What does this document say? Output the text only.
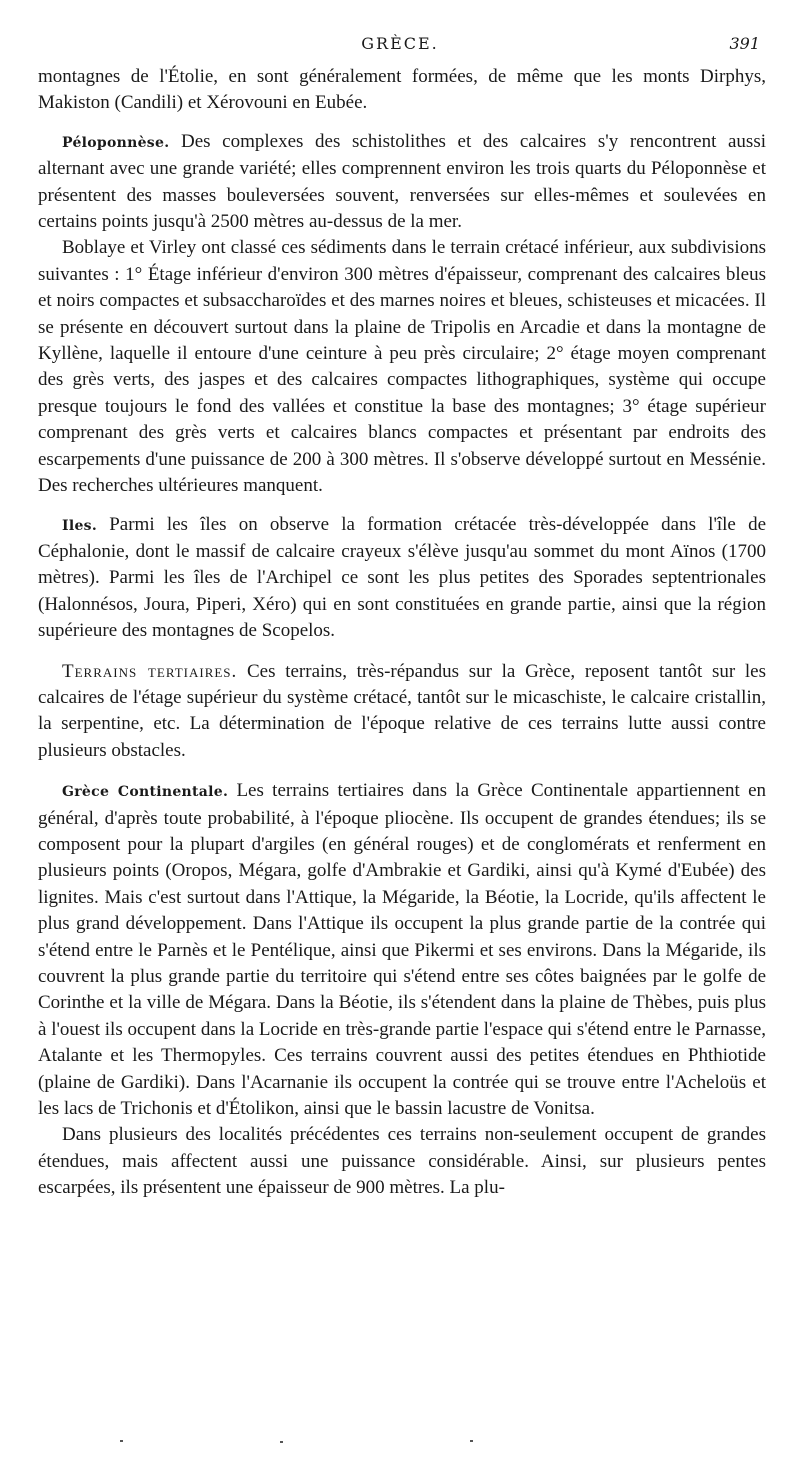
GRÈCE.	391

montagnes de l'Étolie, en sont généralement formées, de même que les monts Dirphys, Makiston (Candili) et Xérovouni en Eubée.

Péloponnèse. Des complexes des schistolithes et des calcaires s'y rencontrent aussi alternant avec une grande variété; elles comprennent environ les trois quarts du Péloponnèse et présentent des masses bouleversées souvent, renversées sur elles-mêmes et soulevées en certains points jusqu'à 2500 mètres au-dessus de la mer.

Boblaye et Virley ont classé ces sédiments dans le terrain crétacé inférieur, aux subdivisions suivantes : 1° Étage inférieur d'environ 300 mètres d'épaisseur, comprenant des calcaires bleus et noirs compactes et subsaccharoïdes et des marnes noires et bleues, schisteuses et micacées. Il se présente en découvert surtout dans la plaine de Tripolis en Arcadie et dans la montagne de Kyllène, laquelle il entoure d'une ceinture à peu près circulaire; 2° étage moyen comprenant des grès verts, des jaspes et des calcaires compactes lithographiques, système qui occupe presque toujours le fond des vallées et constitue la base des montagnes; 3° étage supérieur comprenant des grès verts et calcaires blancs compactes et présentant par endroits des escarpements d'une puissance de 200 à 300 mètres. Il s'observe développé surtout en Messénie. Des recherches ultérieures manquent.

Iles. Parmi les îles on observe la formation crétacée très-développée dans l'île de Céphalonie, dont le massif de calcaire crayeux s'élève jusqu'au sommet du mont Aïnos (1700 mètres). Parmi les îles de l'Archipel ce sont les plus petites des Sporades septentrionales (Halonnésos, Joura, Piperi, Xéro) qui en sont constituées en grande partie, ainsi que la région supérieure des montagnes de Scopelos.

Terrains tertiaires. Ces terrains, très-répandus sur la Grèce, reposent tantôt sur les calcaires de l'étage supérieur du système crétacé, tantôt sur le micaschiste, le calcaire cristallin, la serpentine, etc. La détermination de l'époque relative de ces terrains lutte aussi contre plusieurs obstacles.

Grèce Continentale. Les terrains tertiaires dans la Grèce Continentale appartiennent en général, d'après toute probabilité, à l'époque pliocène. Ils occupent de grandes étendues; ils se composent pour la plupart d'argiles (en général rouges) et de conglomérats et renferment en plusieurs points (Oropos, Mégara, golfe d'Ambrakie et Gardiki, ainsi qu'à Kymé d'Eubée) des lignites. Mais c'est surtout dans l'Attique, la Mégaride, la Béotie, la Locride, qu'ils affectent le plus grand développement. Dans l'Attique ils occupent la plus grande partie de la contrée qui s'étend entre le Parnès et le Pentélique, ainsi que Pikermi et ses environs. Dans la Mégaride, ils couvrent la plus grande partie du territoire qui s'étend entre ses côtes baignées par le golfe de Corinthe et la ville de Mégara. Dans la Béotie, ils s'étendent dans la plaine de Thèbes, puis plus à l'ouest ils occupent dans la Locride en très-grande partie l'espace qui s'étend entre le Parnasse, Atalante et les Thermopyles. Ces terrains couvrent aussi des petites étendues en Phthiotide (plaine de Gardiki). Dans l'Acarnanie ils occupent la contrée qui se trouve entre l'Acheloüs et les lacs de Trichonis et d'Étolikon, ainsi que le bassin lacustre de Vonitsa.

Dans plusieurs des localités précédentes ces terrains non-seulement occupent de grandes étendues, mais affectent aussi une puissance considérable. Ainsi, sur plusieurs pentes escarpées, ils présentent une épaisseur de 900 mètres. La plu-
